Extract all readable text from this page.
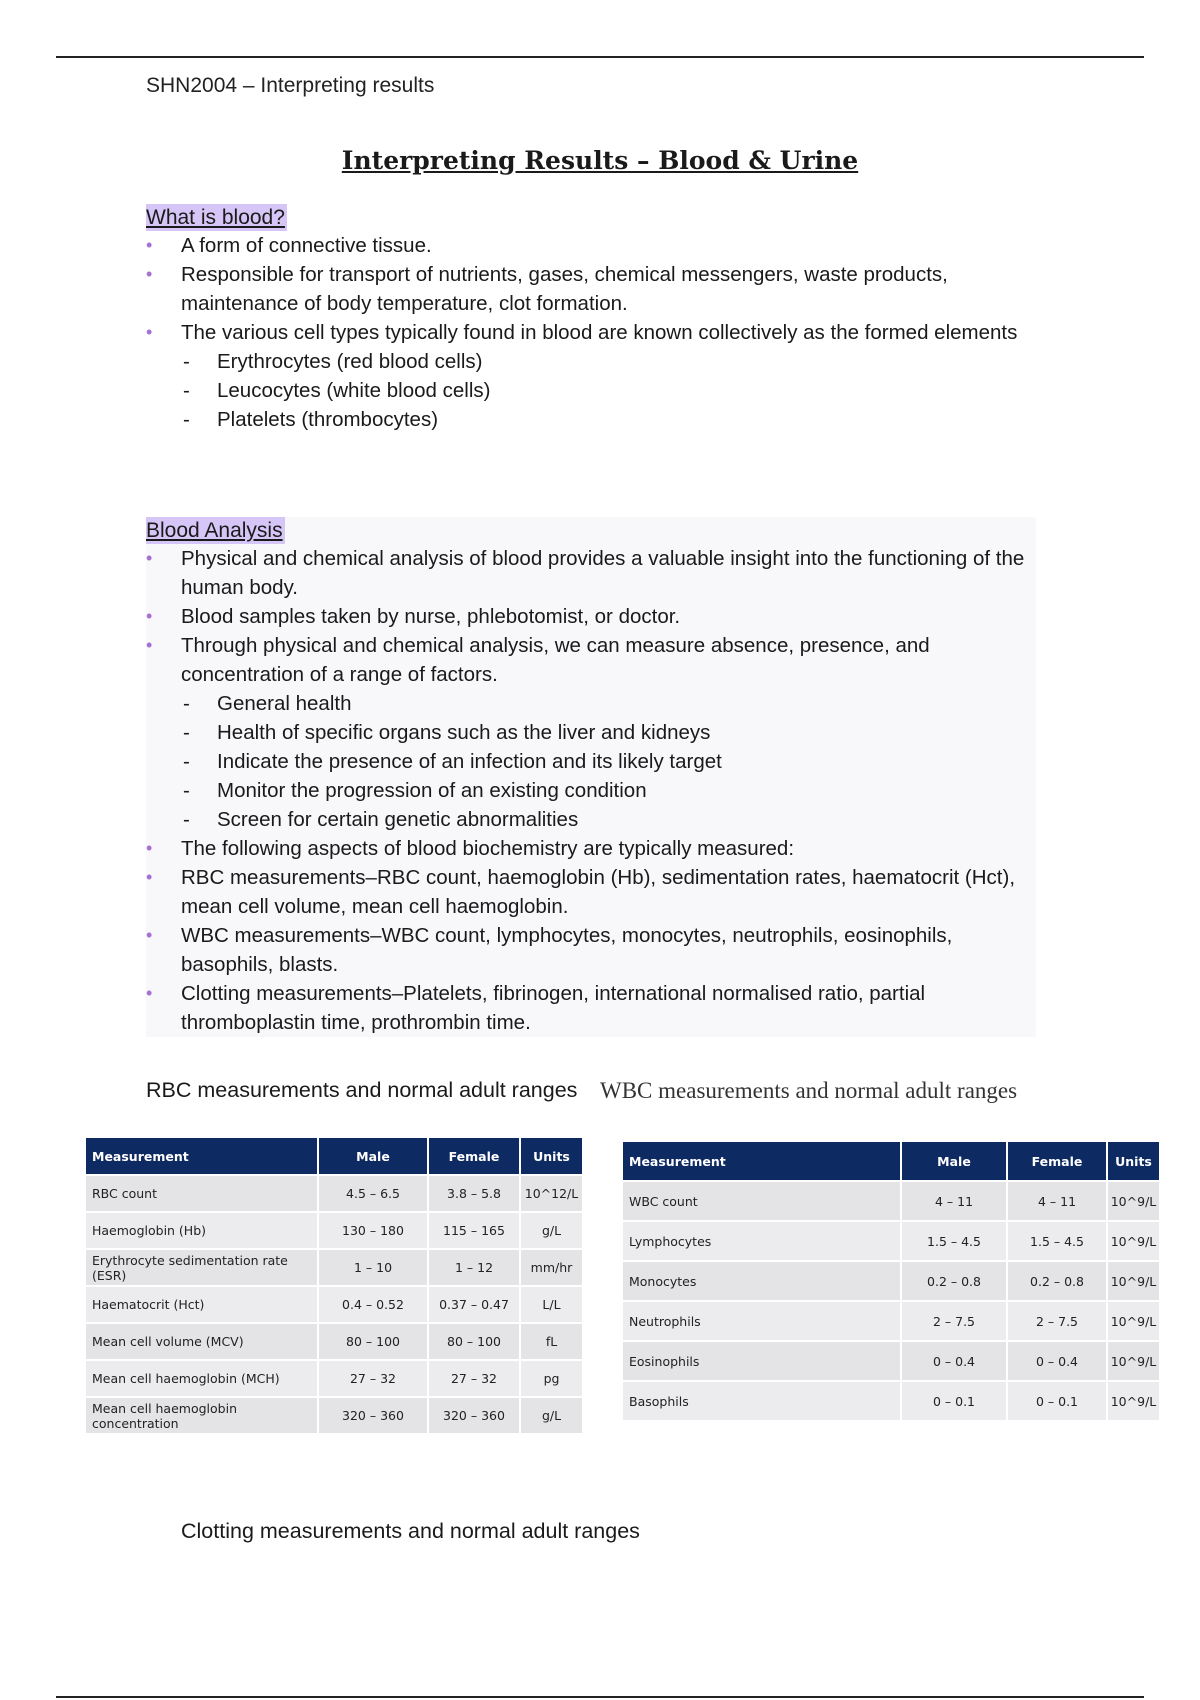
SHN2004 – Interpreting results
Interpreting Results – Blood & Urine
What is blood?
• A form of connective tissue.
• Responsible for transport of nutrients, gases, chemical messengers, waste products, maintenance of body temperature, clot formation.
• The various cell types typically found in blood are known collectively as the formed elements
- Erythrocytes (red blood cells)
- Leucocytes (white blood cells)
- Platelets (thrombocytes)
Blood Analysis
• Physical and chemical analysis of blood provides a valuable insight into the functioning of the human body.
• Blood samples taken by nurse, phlebotomist, or doctor.
• Through physical and chemical analysis, we can measure absence, presence, and concentration of a range of factors.
- General health
- Health of specific organs such as the liver and kidneys
- Indicate the presence of an infection and its likely target
- Monitor the progression of an existing condition
- Screen for certain genetic abnormalities
• The following aspects of blood biochemistry are typically measured:
• RBC measurements–RBC count, haemoglobin (Hb), sedimentation rates, haematocrit (Hct), mean cell volume, mean cell haemoglobin.
• WBC measurements–WBC count, lymphocytes, monocytes, neutrophils, eosinophils, basophils, blasts.
• Clotting measurements–Platelets, fibrinogen, international normalised ratio, partial thromboplastin time, prothrombin time.
RBC measurements and normal adult ranges WBC measurements and normal adult ranges
Measurement	Male	Female	Units
RBC count	4.5 – 6.5	3.8 – 5.8	10^12/L
Haemoglobin (Hb)	130 – 180	115 – 165	g/L
Erythrocyte sedimentation rate (ESR)	1 – 10	1 – 12	mm/hr
Haematocrit (Hct)	0.4 – 0.52	0.37 – 0.47	L/L
Mean cell volume (MCV)	80 – 100	80 – 100	fL
Mean cell haemoglobin (MCH)	27 – 32	27 – 32	pg
Mean cell haemoglobin concentration	320 – 360	320 – 360	g/L
Measurement	Male	Female	Units
WBC count	4 – 11	4 – 11	10^9/L
Lymphocytes	1.5 – 4.5	1.5 – 4.5	10^9/L
Monocytes	0.2 – 0.8	0.2 – 0.8	10^9/L
Neutrophils	2 – 7.5	2 – 7.5	10^9/L
Eosinophils	0 – 0.4	0 – 0.4	10^9/L
Basophils	0 – 0.1	0 – 0.1	10^9/L
Clotting measurements and normal adult ranges
